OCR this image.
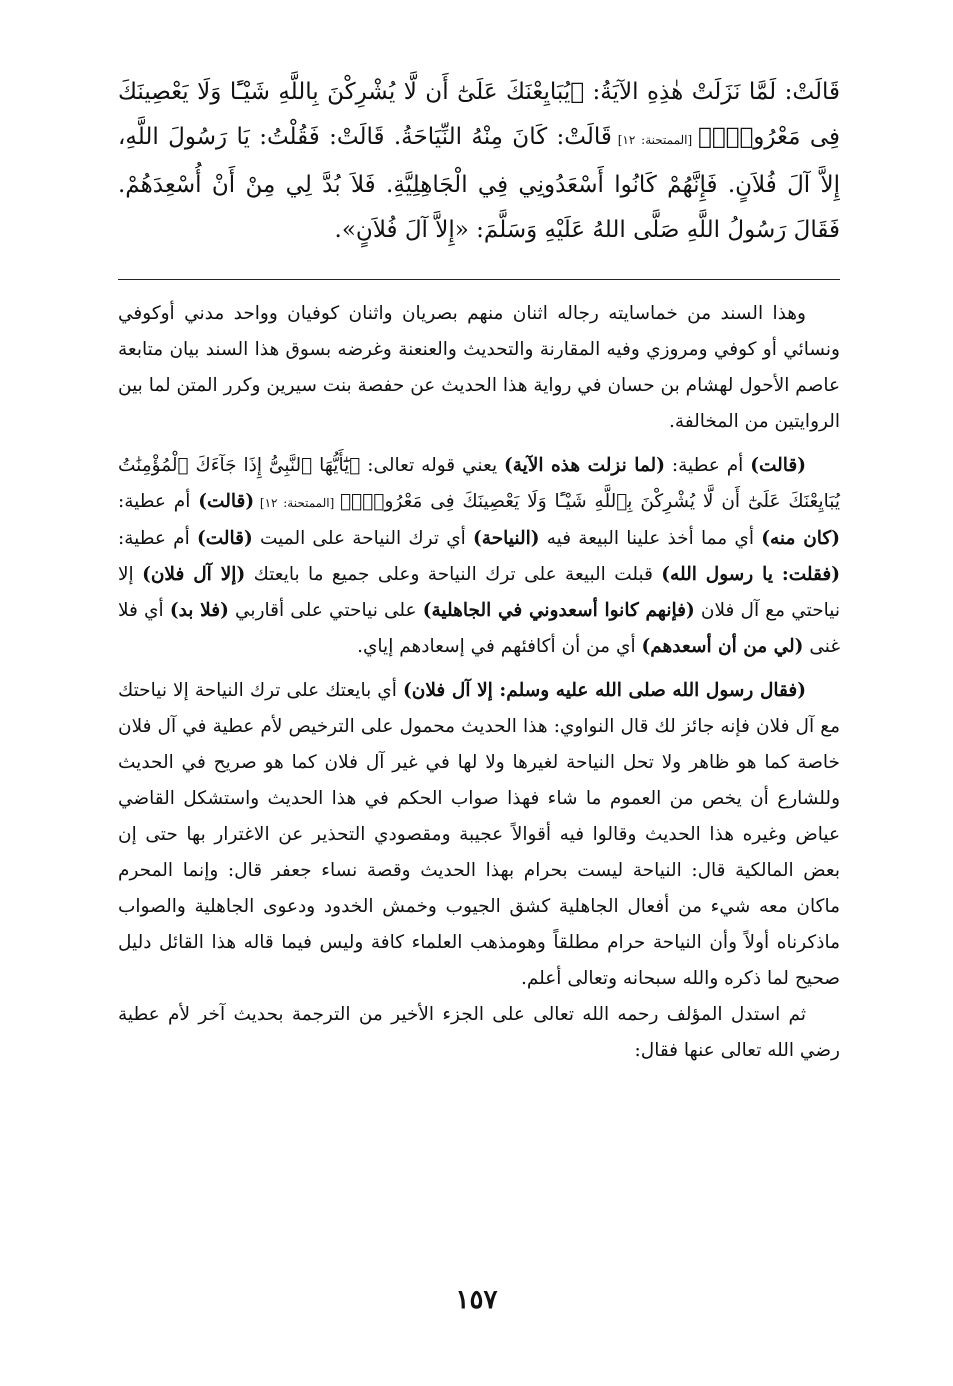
قَالَتْ: لَمَّا نَزَلَتْ هٰذِهِ الآيَةُ: ﴿يُبَايِعْنَكَ عَلَىٰٓ أَن لَّا يُشْرِكْنَ بِاللَّهِ شَيْـًٔا وَلَا يَعْصِينَكَ فِى مَعْرُوفٍۙ﴾ [الممتحنة: ١٢] قَالَتْ: كَانَ مِنْهُ النِّيَاحَةُ. قَالَتْ: فَقُلْتُ: يَا رَسُولَ اللَّهِ، إِلاَّ آلَ فُلاَنٍ. فَإِنَّهُمْ كَانُوا أَسْعَدُونِي فِي الْجَاهِلِيَّةِ. فَلاَ بُدَّ لِي مِنْ أَنْ أُسْعِدَهُمْ. فَقَالَ رَسُولُ اللَّهِ صَلَّى اللهُ عَلَيْهِ وَسَلَّمَ: «إِلاَّ آلَ فُلاَنٍ».

وهذا السند من خماسايته رجاله اثنان منهم بصريان واثنان كوفيان وواحد مدني أوكوفي ونسائي أو كوفي ومروزي وفيه المقارنة والتحديث والعنعنة وغرضه بسوق هذا السند بيان متابعة عاصم الأحول لهشام بن حسان في رواية هذا الحديث عن حفصة بنت سيرين وكرر المتن لما بين الروايتين من المخالفة.

(قالت) أم عطية: (لما نزلت هذه الآية) يعني قوله تعالى: ﴿يَٰٓأَيُّهَا ٱلنَّبِىُّ إِذَا جَآءَكَ ٱلْمُؤْمِنَٰتُ يُبَايِعْنَكَ عَلَىٰٓ أَن لَّا يُشْرِكْنَ بِٱللَّهِ شَيْـًٔا وَلَا يَعْصِينَكَ فِى مَعْرُوفٍۙ﴾ [الممتحنة: ١٢] (قالت) أم عطية: (كان منه) أي مما أخذ علينا البيعة فيه (النياحة) أي ترك النياحة على الميت (قالت) أم عطية: (فقلت: يا رسول الله) قبلت البيعة على ترك النياحة وعلى جميع ما بايعتك (إلا آل فلان) إلا نياحتي مع آل فلان (فإنهم كانوا أسعدوني في الجاهلية) على نياحتي على أقاربي (فلا بد) أي فلا غنى (لي من أن أسعدهم) أي من أن أكافئهم في إسعادهم إياي.

(فقال رسول الله صلى الله عليه وسلم: إلا آل فلان) أي بايعتك على ترك النياحة إلا نياحتك مع آل فلان فإنه جائز لك قال النواوي: هذا الحديث محمول على الترخيص لأم عطية في آل فلان خاصة كما هو ظاهر ولا تحل النياحة لغيرها ولا لها في غير آل فلان كما هو صريح في الحديث وللشارع أن يخص من العموم ما شاء فهذا صواب الحكم في هذا الحديث واستشكل القاضي عياض وغيره هذا الحديث وقالوا فيه أقوالاً عجيبة ومقصودي التحذير عن الاغترار بها حتى إن بعض المالكية قال: النياحة ليست بحرام بهذا الحديث وقصة نساء جعفر قال: وإنما المحرم ماكان معه شيء من أفعال الجاهلية كشق الجيوب وخمش الخدود ودعوى الجاهلية والصواب ماذكرناه أولاً وأن النياحة حرام مطلقاً وهومذهب العلماء كافة وليس فيما قاله هذا القائل دليل صحيح لما ذكره والله سبحانه وتعالى أعلم.

ثم استدل المؤلف رحمه الله تعالى على الجزء الأخير من الترجمة بحديث آخر لأم عطية رضي الله تعالى عنها فقال:

١٥٧
